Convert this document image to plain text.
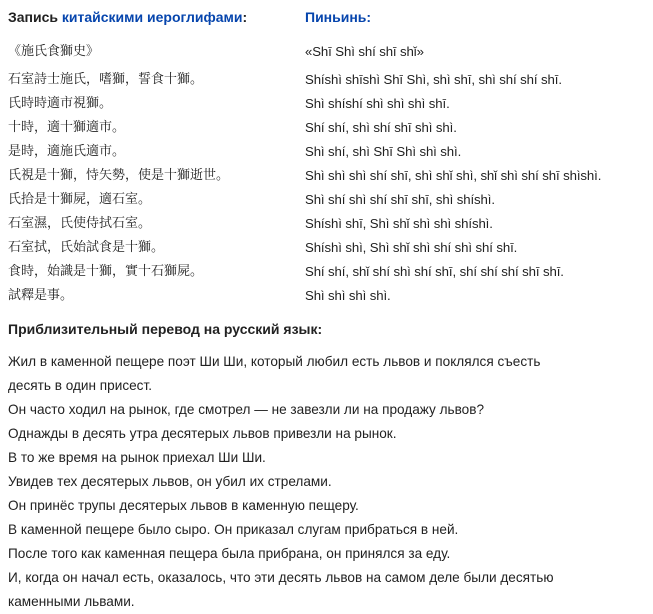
Запись китайскими иероглифами:
《施氏食獅史》
石室詩士施氏，嗜獅，誓食十獅。
氏時時適市視獅。
十時，適十獅適市。
是時，適施氏適市。
氏視是十獅，恃矢勢，使是十獅逝世。
氏拾是十獅屍，適石室。
石室濕，氏使侍拭石室。
石室拭，氏始試食是十獅。
食時，始識是十獅，實十石獅屍。
試釋是事。
Пиньинь:
«Shī Shì shí shī shǐ»
Shíshì shīshì Shī Shì, shì shī, shì shí shí shī.
Shì shíshí shì shì shì shī.
Shí shí, shì shí shī shì shì.
Shì shí, shì Shī Shì shì shì.
Shì shì shì shí shī, shì shǐ shì, shǐ shì shí shī shìshì.
Shì shí shì shí shī shī, shì shíshì.
Shíshì shī, Shì shǐ shì shì shíshì.
Shíshì shì, Shì shǐ shì shí shì shí shī.
Shí shí, shǐ shí shì shí shī, shí shí shí shī shī.
Shì shì shì shì.
Приблизительный перевод на русский язык:
Жил в каменной пещере поэт Ши Ши, который любил есть львов и поклялся съесть
десять в один присест.
Он часто ходил на рынок, где смотрел — не завезли ли на продажу львов?
Однажды в десять утра десятерых львов привезли на рынок.
В то же время на рынок приехал Ши Ши.
Увидев тех десятерых львов, он убил их стрелами.
Он принёс трупы десятерых львов в каменную пещеру.
В каменной пещере было сыро. Он приказал слугам прибраться в ней.
После того как каменная пещера была прибрана, он принялся за еду.
И, когда он начал есть, оказалось, что эти десять львов на самом деле были десятью
каменными львами.
